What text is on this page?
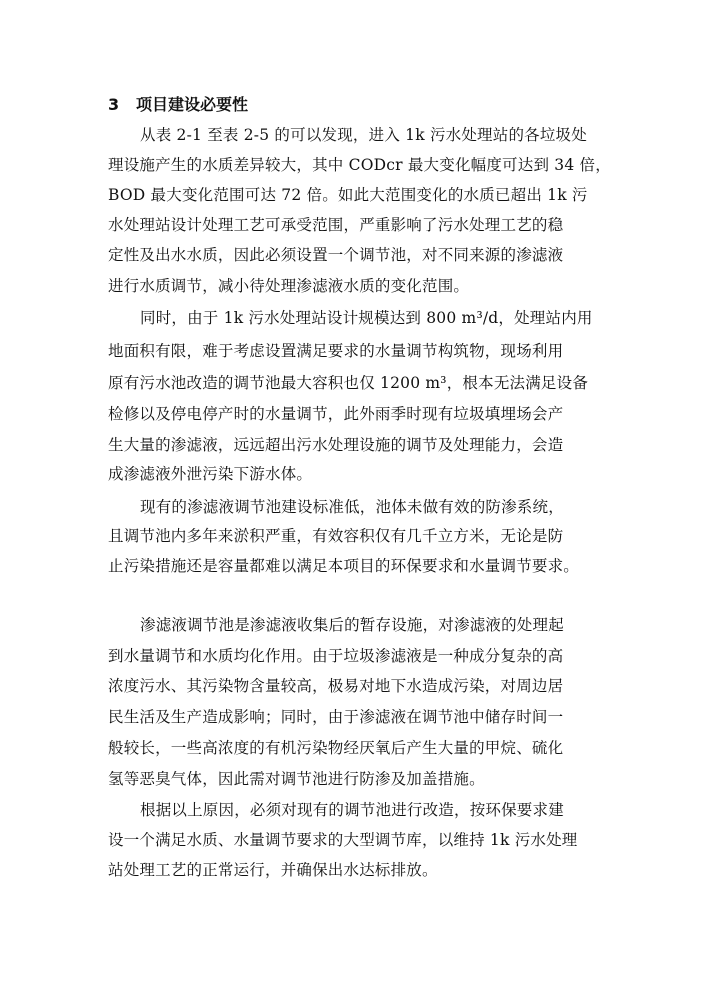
3 项目建设必要性
从表 2-1 至表 2-5 的可以发现，进入 1k 污水处理站的各垃圾处
理设施产生的水质差异较大，其中 CODcr 最大变化幅度可达到 34 倍，
BOD 最大变化范围可达 72 倍。如此大范围变化的水质已超出 1k 污
水处理站设计处理工艺可承受范围，严重影响了污水处理工艺的稳
定性及出水水质，因此必须设置一个调节池，对不同来源的渗滤液
进行水质调节，减小待处理渗滤液水质的变化范围。
同时，由于 1k 污水处理站设计规模达到 800 m³/d，处理站内用
地面积有限，难于考虑设置满足要求的水量调节构筑物，现场利用
原有污水池改造的调节池最大容积也仅 1200 m³，根本无法满足设备
检修以及停电停产时的水量调节，此外雨季时现有垃圾填埋场会产
生大量的渗滤液，远远超出污水处理设施的调节及处理能力，会造
成渗滤液外泄污染下游水体。
现有的渗滤液调节池建设标准低，池体未做有效的防渗系统，
且调节池内多年来淤积严重，有效容积仅有几千立方米，无论是防
止污染措施还是容量都难以满足本项目的环保要求和水量调节要求。
渗滤液调节池是渗滤液收集后的暂存设施，对渗滤液的处理起
到水量调节和水质均化作用。由于垃圾渗滤液是一种成分复杂的高
浓度污水、其污染物含量较高，极易对地下水造成污染，对周边居
民生活及生产造成影响；同时，由于渗滤液在调节池中储存时间一
般较长，一些高浓度的有机污染物经厌氧后产生大量的甲烷、硫化
氢等恶臭气体，因此需对调节池进行防渗及加盖措施。
根据以上原因，必须对现有的调节池进行改造，按环保要求建
设一个满足水质、水量调节要求的大型调节库，以维持 1k 污水处理
站处理工艺的正常运行，并确保出水达标排放。
